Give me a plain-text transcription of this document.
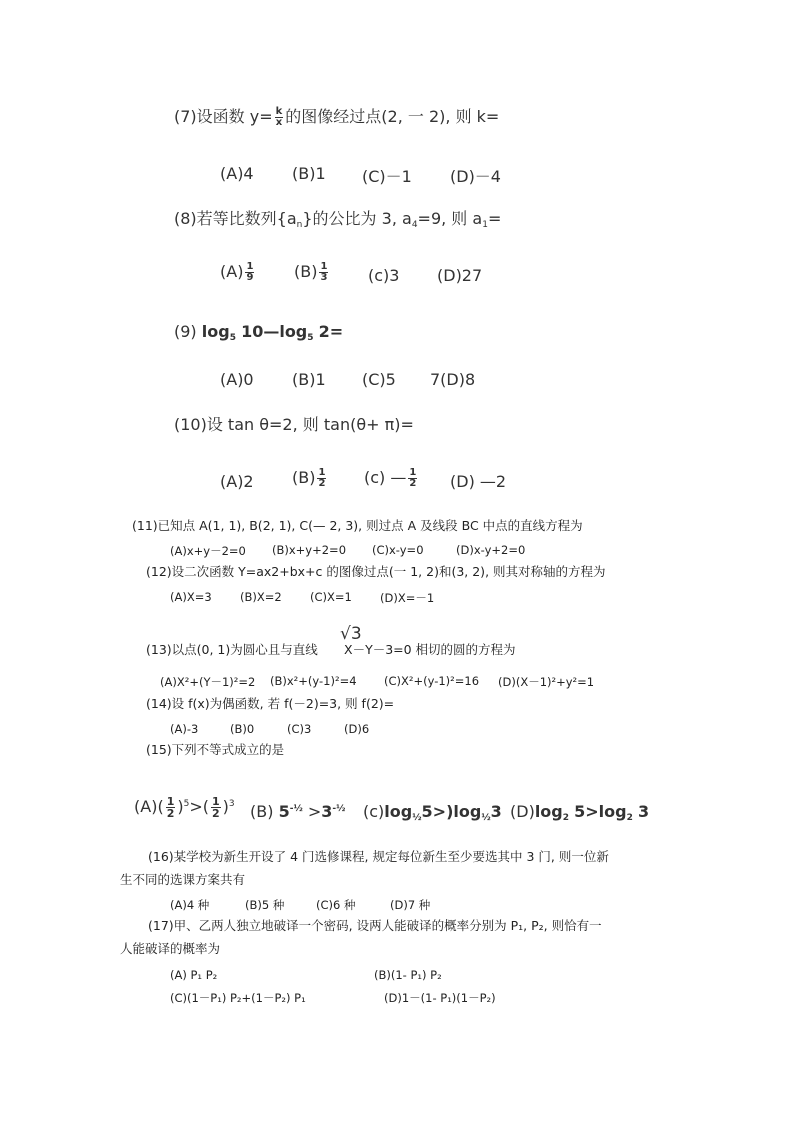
(7)设函数 $y= \frac{k}{x}$ 的图像经过点(2, 一 2), 则 k=
(A)4 (B)1 (C)－1 (D)－4
(8)若等比数列$\{a_n\}$的公比为 3, $a_4=9$, 则 $a_1=$
$(A) \frac{1}{9} (B) \frac{1}{3} (c)3$ (D)27
(9) $\log_5$ $10—\log_5$ 2=
(A)0 (B)1 (C)5 7(D)8
(10)设 tan θ=2, 则 tan(θ+ π)=
(A)2 $(B) \frac{1}{2} (c)$ — $\frac{1}{2} (D)$ —2
(11)已知点 A(1, 1), B(2, 1), C(— 2, 3), 则过点 A 及线段 BC 中点的直线方程为
(A)x+y－2=0 (B)x+y+2=0 (C)x-y=0	(D)x-y+2=0
(12)设二次函数 Y=ax2+bx+c 的图像过点(一 1, 2)和(3, 2), 则其对称轴的方程为
(A)X=3 (B)X=2 (C)X=1 (D)X=－1
√3
(13)以点(0, 1)为圆心且与直线 X－Y－3=0 相切的圆的方程为
(A)X²+(Y－1)²=2 (B)x²+(y-1)²=4 (C)X²+(y-1)²=16 (D)(X－1)²+y²=1
(14)设 f(x)为偶函数, 若 f(－2)=3, 则 f(2)=
(A)-3	(B)0	(C)3	(D)6
(15)下列不等式成立的是
$(A)( \frac{1}{2} )^5>( \frac{1}{2} )^3$ (B) $5^{-\frac{1}{2}} >3^{-\frac{1}{2}}$ $(c)\log_{\frac{1}{2}}5>)\log_{\frac{1}{2}}3$ $(D)\log_2$ $5>\log_2$ 3
(16)某学校为新生开设了 4 门选修课程, 规定每位新生至少要选其中 3 门, 则一位新
生不同的选课方案共有
(A)4 种	(B)5 种	(C)6 种	(D)7 种
(17)甲、乙两人独立地破译一个密码, 设两人能破译的概率分别为 P₁, P₂, 则恰有一
人能破译的概率为
(A) P₁ P₂	(B)(1- P₁) P₂
(C)(1－P₁) P₂+(1－P₂) P₁	(D)1－(1- P₁)(1－P₂)
